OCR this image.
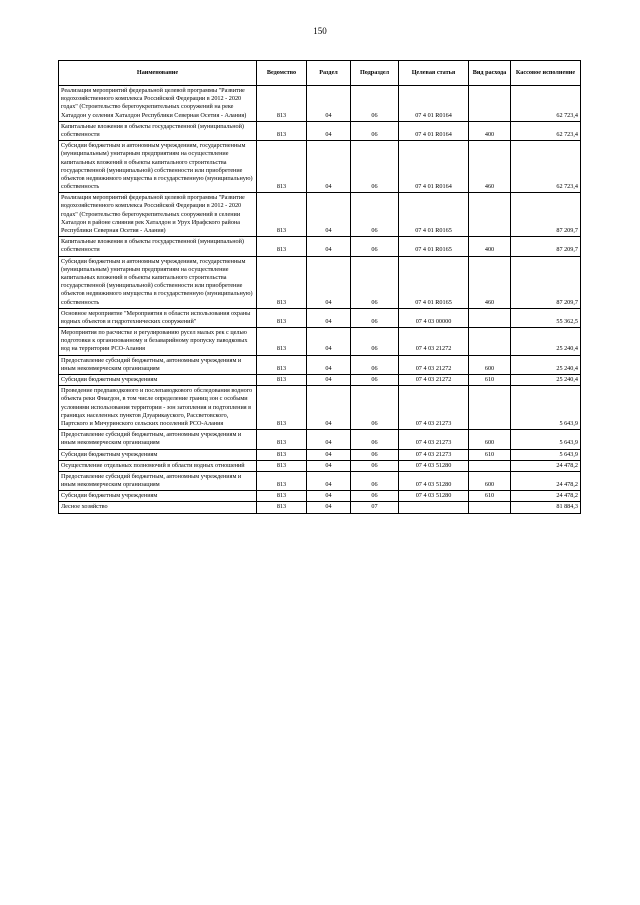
150
Наименование	Ведомство	Раздел	Подраздел	Целевая статья	Вид расхода	Кассовое исполнение
Реализация мероприятий федеральной целевой программы "Развитие водохозяйственного комплекса Российской Федерации в 2012 - 2020 годах" (Строительство берегоукрепительных сооружений на реке Хатаддон у селения Хаталдон Республики Северная Осетия - Алания)	813	04	06	07 4 01 R0164		62 723,4
Капитальные вложения в объекты государственной (муниципальной) собственности	813	04	06	07 4 01 R0164	400	62 723,4
Субсидии бюджетным и автономным учреждениям, государственным (муниципальным) унитарным предприятиям на осуществление капитальных вложений в объекты капитального строительства государственной (муниципальной) собственности или приобретение объектов недвижимого имущества в государственную (муниципальную) собственность	813	04	06	07 4 01 R0164	460	62 723,4
Реализация мероприятий федеральной целевой программы "Развитие водохозяйственного комплекса Российской Федерации в 2012 - 2020 годах" (Строительство берегоукрепительных сооружений в селении Хаталдон в районе слияния рек Хаталдон и Урух Ирафского района Республики Северная Осетия - Алания)	813	04	06	07 4 01 R0165		87 209,7
Капитальные вложения в объекты государственной (муниципальной) собственности	813	04	06	07 4 01 R0165	400	87 209,7
Субсидии бюджетным и автономным учреждениям, государственным (муниципальным) унитарным предприятиям на осуществление капитальных вложений в объекты капитального строительства государственной (муниципальной) собственности или приобретение объектов недвижимого имущества в государственную (муниципальную) собственность	813	04	06	07 4 01 R0165	460	87 209,7
Основное мероприятие "Мероприятия в области использования охраны водных объектов и гидротехнических сооружений"	813	04	06	07 4 03 00000		55 362,5
Мероприятия по расчистке и регулированию русел малых рек с целью подготовки к организованному и безаварийному пропуску паводковых вод на территории РСО-Алания	813	04	06	07 4 03 21272		25 240,4
Предоставление субсидий бюджетным, автономным учреждениям и иным некоммерческим организациям	813	04	06	07 4 03 21272	600	25 240,4
Субсидии бюджетным учреждениям	813	04	06	07 4 03 21272	610	25 240,4
Проведение предпаводкового и послепаводкового обследования водного объекта реки Фиагдон, в том числе определение границ зон с особыми условиями использования территории - зон затопления и подтопления в границах населенных пунктов Дзуарикауского, Рассветовского, Партского и Мичуринского сельских поселений РСО-Алания	813	04	06	07 4 03 21273		5 643,9
Предоставление субсидий бюджетным, автономным учреждениям и иным некоммерческим организациям	813	04	06	07 4 03 21273	600	5 643,9
Субсидии бюджетным учреждениям	813	04	06	07 4 03 21273	610	5 643,9
Осуществление отдельных полномочий в области водных отношений	813	04	06	07 4 03 51280		24 478,2
Предоставление субсидий бюджетным, автономным учреждениям и иным некоммерческим организациям	813	04	06	07 4 03 51280	600	24 478,2
Субсидии бюджетным учреждениям	813	04	06	07 4 03 51280	610	24 478,2
Лесное хозяйство	813	04	07			81 884,3
